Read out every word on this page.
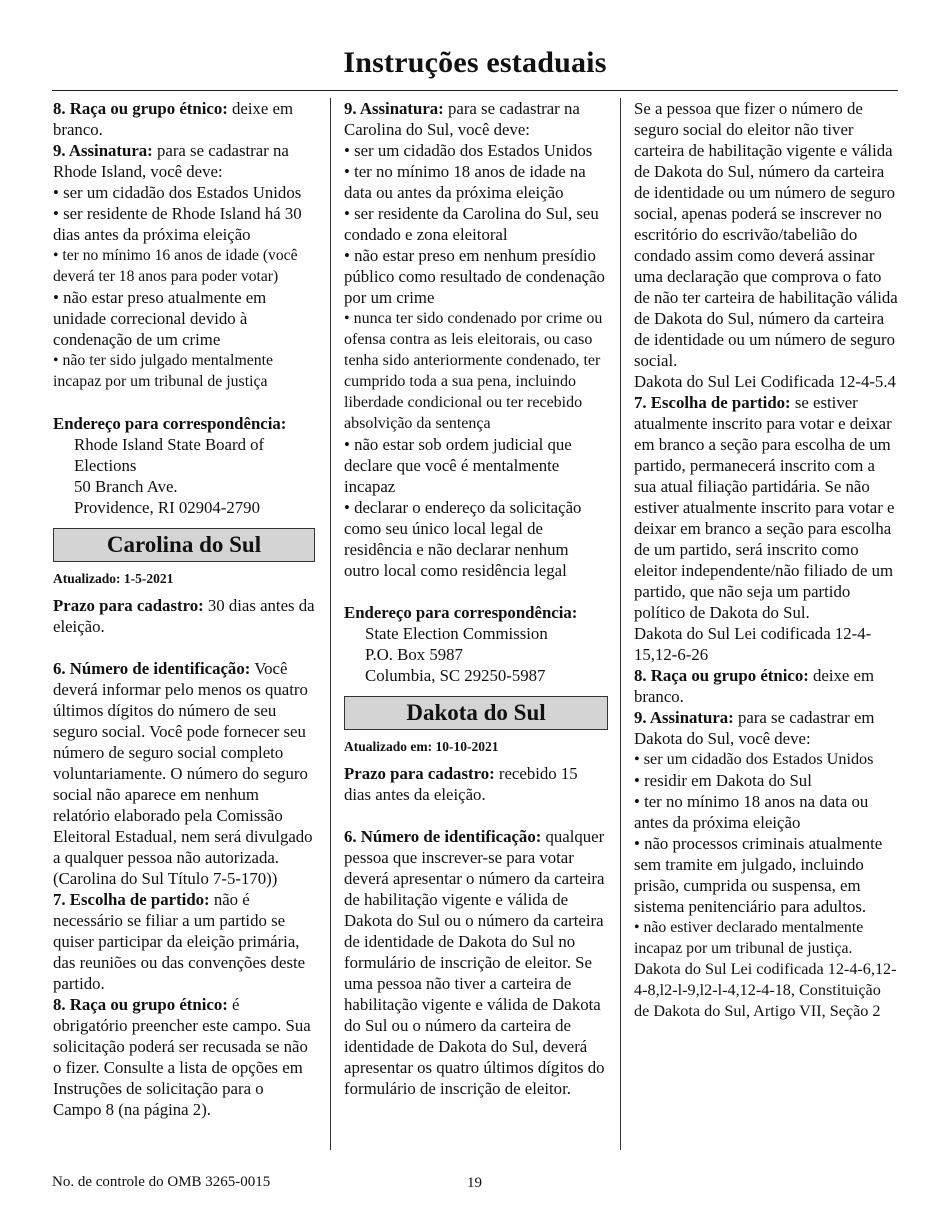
Instruções estaduais

8. Raça ou grupo étnico: deixe em branco.

9. Assinatura: para se cadastrar na Rhode Island, você deve:

• ser um cidadão dos Estados Unidos

• ser residente de Rhode Island há 30 dias antes da próxima eleição

• ter no mínimo 16 anos de idade (você deverá ter 18 anos para poder votar)

• não estar preso atualmente em unidade correcional devido à condenação de um crime

• não ter sido julgado mentalmente incapaz por um tribunal de justiça

Endereço para correspondência:

Rhode Island State Board of Elections

50 Branch Ave.

Providence, RI 02904-2790

Carolina do Sul

Atualizado: 1-5-2021

Prazo para cadastro: 30 dias antes da eleição.

6. Número de identificação: Você deverá informar pelo menos os quatro últimos dígitos do número de seu seguro social. Você pode fornecer seu número de seguro social completo voluntariamente. O número do seguro social não aparece em nenhum relatório elaborado pela Comissão Eleitoral Estadual, nem será divulgado a qualquer pessoa não autorizada. (Carolina do Sul Título 7-5-170))

7. Escolha de partido: não é necessário se filiar a um partido se quiser participar da eleição primária, das reuniões ou das convenções deste partido.

8. Raça ou grupo étnico: é obrigatório preencher este campo. Sua solicitação poderá ser recusada se não o fizer. Consulte a lista de opções em Instruções de solicitação para o Campo 8 (na página 2).

9. Assinatura: para se cadastrar na Carolina do Sul, você deve:

• ser um cidadão dos Estados Unidos

• ter no mínimo 18 anos de idade na data ou antes da próxima eleição

• ser residente da Carolina do Sul, seu condado e zona eleitoral

• não estar preso em nenhum presídio público como resultado de condenação por um crime

• nunca ter sido condenado por crime ou ofensa contra as leis eleitorais, ou caso tenha sido anteriormente condenado, ter cumprido toda a sua pena, incluindo liberdade condicional ou ter recebido absolvição da sentença

• não estar sob ordem judicial que declare que você é mentalmente incapaz

• declarar o endereço da solicitação como seu único local legal de residência e não declarar nenhum outro local como residência legal

Endereço para correspondência:

State Election Commission

P.O. Box 5987

Columbia, SC 29250-5987

Dakota do Sul

Atualizado em: 10-10-2021

Prazo para cadastro: recebido 15 dias antes da eleição.

6. Número de identificação: qualquer pessoa que inscrever-se para votar deverá apresentar o número da carteira de habilitação vigente e válida de Dakota do Sul ou o número da carteira de identidade de Dakota do Sul no formulário de inscrição de eleitor. Se uma pessoa não tiver a carteira de habilitação vigente e válida de Dakota do Sul ou o número da carteira de identidade de Dakota do Sul, deverá apresentar os quatro últimos dígitos do formulário de inscrição de eleitor.

Se a pessoa que fizer o número de seguro social do eleitor não tiver carteira de habilitação vigente e válida de Dakota do Sul, número da carteira de identidade ou um número de seguro social, apenas poderá se inscrever no escritório do escrivão/tabelião do condado assim como deverá assinar uma declaração que comprova o fato de não ter carteira de habilitação válida de Dakota do Sul, número da carteira de identidade ou um número de seguro social.

Dakota do Sul Lei Codificada 12-4-5.4

7. Escolha de partido: se estiver atualmente inscrito para votar e deixar em branco a seção para escolha de um partido, permanecerá inscrito com a sua atual filiação partidária. Se não estiver atualmente inscrito para votar e deixar em branco a seção para escolha de um partido, será inscrito como eleitor independente/não filiado de um partido, que não seja um partido político de Dakota do Sul.

Dakota do Sul Lei codificada 12-4-15,12-6-26

8. Raça ou grupo étnico: deixe em branco.

9. Assinatura: para se cadastrar em Dakota do Sul, você deve:

• ser um cidadão dos Estados Unidos

• residir em Dakota do Sul

• ter no mínimo 18 anos na data ou antes da próxima eleição

• não processos criminais atualmente sem tramite em julgado, incluindo prisão, cumprida ou suspensa, em sistema penitenciário para adultos.

• não estiver declarado mentalmente incapaz por um tribunal de justiça.

Dakota do Sul Lei codificada 12-4-6,12-4-8,l2-l-9,l2-l-4,12-4-18, Constituição de Dakota do Sul, Artigo VII, Seção 2

No. de controle do OMB 3265-0015	19
